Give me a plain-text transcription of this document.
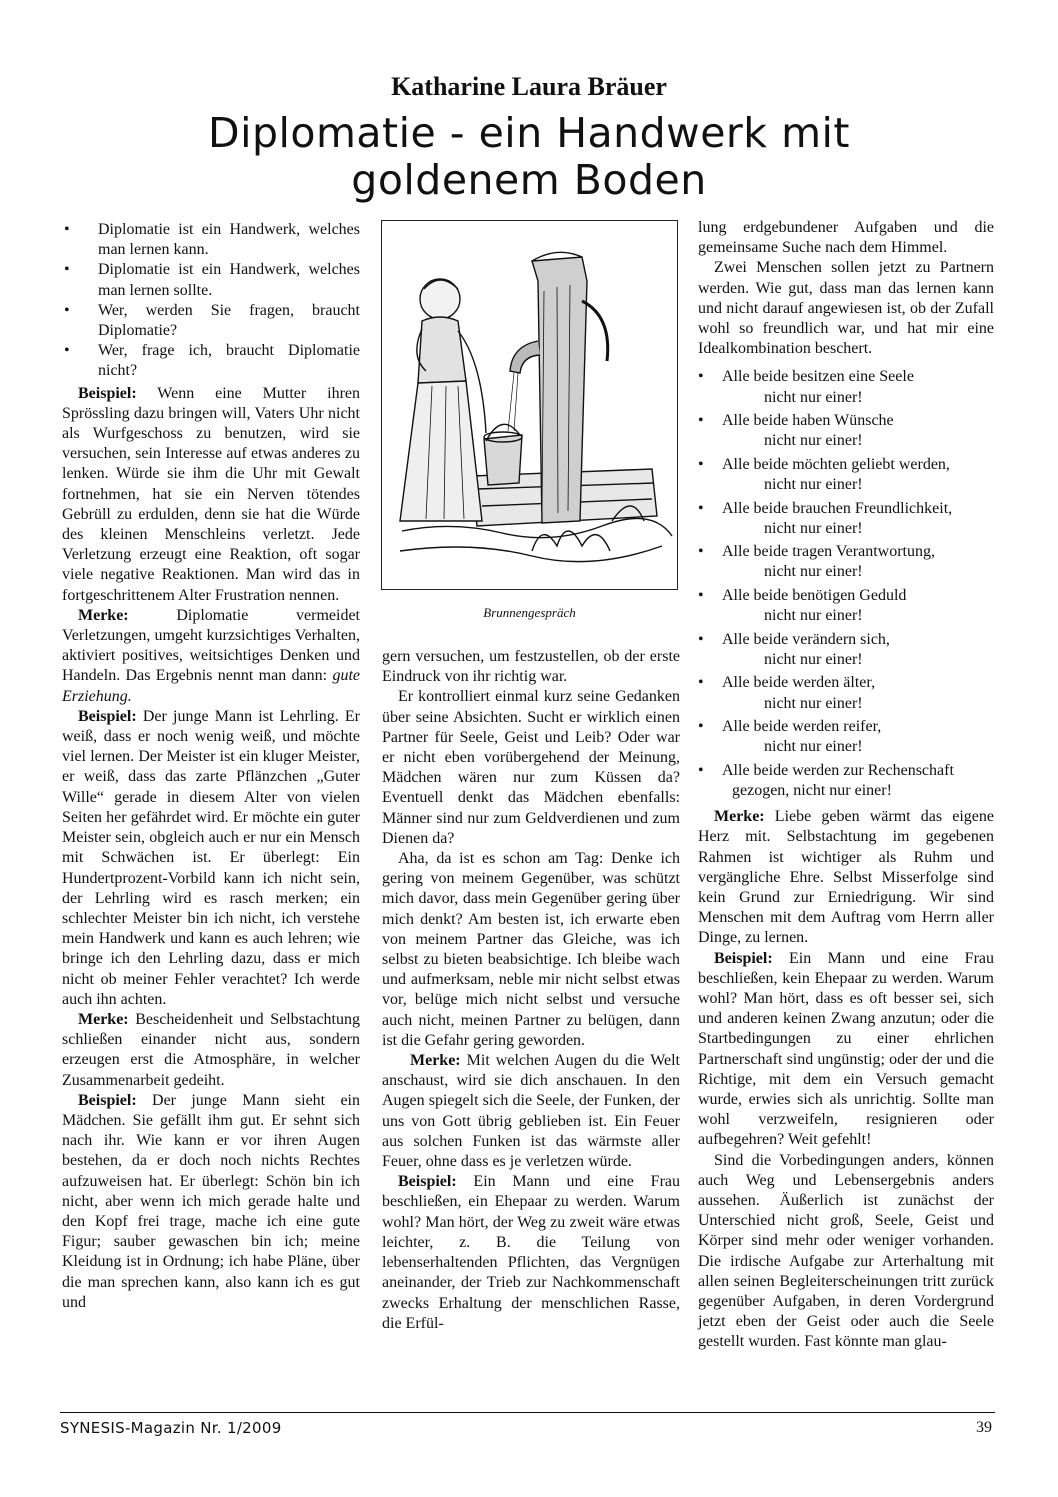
Katharine Laura Bräuer
Diplomatie - ein Handwerk mit
goldenem Boden
• Diplomatie ist ein Handwerk, welches man lernen kann.
• Diplomatie ist ein Handwerk, welches man lernen sollte.
• Wer, werden Sie fragen, braucht Diplomatie?
• Wer, frage ich, braucht Diplomatie nicht?

Beispiel: Wenn eine Mutter ihren Sprössling dazu bringen will, Vaters Uhr nicht als Wurfgeschoss zu benutzen, wird sie versuchen, sein Interesse auf etwas anderes zu lenken. Würde sie ihm die Uhr mit Gewalt fortnehmen, hat sie ein Nerven tötendes Gebrüll zu erdulden, denn sie hat die Würde des kleinen Menschleins verletzt. Jede Verletzung erzeugt eine Reaktion, oft sogar viele negative Reaktionen. Man wird das in fortgeschrittenem Alter Frustration nennen.

Merke: Diplomatie vermeidet Verletzungen, umgeht kurzsichtiges Verhalten, aktiviert positives, weitsichtiges Denken und Handeln. Das Ergebnis nennt man dann: gute Erziehung.

Beispiel: Der junge Mann ist Lehrling. Er weiß, dass er noch wenig weiß, und möchte viel lernen. Der Meister ist ein kluger Meister, er weiß, dass das zarte Pflänzchen „Guter Wille“ gerade in diesem Alter von vielen Seiten her gefährdet wird. Er möchte ein guter Meister sein, obgleich auch er nur ein Mensch mit Schwächen ist. Er überlegt: Ein Hundertprozent-Vorbild kann ich nicht sein, der Lehrling wird es rasch merken; ein schlechter Meister bin ich nicht, ich verstehe mein Handwerk und kann es auch lehren; wie bringe ich den Lehrling dazu, dass er mich nicht ob meiner Fehler verachtet? Ich werde auch ihn achten.

Merke: Bescheidenheit und Selbstachtung schließen einander nicht aus, sondern erzeugen erst die Atmosphäre, in welcher Zusammenarbeit gedeiht.

Beispiel: Der junge Mann sieht ein Mädchen. Sie gefällt ihm gut. Er sehnt sich nach ihr. Wie kann er vor ihren Augen bestehen, da er doch noch nichts Rechtes aufzuweisen hat. Er überlegt: Schön bin ich nicht, aber wenn ich mich gerade halte und den Kopf frei trage, mache ich eine gute Figur; sauber gewaschen bin ich; meine Kleidung ist in Ordnung; ich habe Pläne, über die man sprechen kann, also kann ich es gut und

Brunnengespräch

gern versuchen, um festzustellen, ob der erste Eindruck von ihr richtig war.

Er kontrolliert einmal kurz seine Gedanken über seine Absichten. Sucht er wirklich einen Partner für Seele, Geist und Leib? Oder war er nicht eben vorübergehend der Meinung, Mädchen wären nur zum Küssen da? Eventuell denkt das Mädchen ebenfalls: Männer sind nur zum Geldverdienen und zum Dienen da?

Aha, da ist es schon am Tag: Denke ich gering von meinem Gegenüber, was schützt mich davor, dass mein Gegenüber gering über mich denkt? Am besten ist, ich erwarte eben von meinem Partner das Gleiche, was ich selbst zu bieten beabsichtige. Ich bleibe wach und aufmerksam, neble mir nicht selbst etwas vor, belüge mich nicht selbst und versuche auch nicht, meinen Partner zu belügen, dann ist die Gefahr gering geworden.

Merke: Mit welchen Augen du die Welt anschaust, wird sie dich anschauen. In den Augen spiegelt sich die Seele, der Funken, der uns von Gott übrig geblieben ist. Ein Feuer aus solchen Funken ist das wärmste aller Feuer, ohne dass es je verletzen würde.

Beispiel: Ein Mann und eine Frau beschließen, ein Ehepaar zu werden. Warum wohl? Man hört, der Weg zu zweit wäre etwas leichter, z. B. die Teilung von lebenserhaltenden Pflichten, das Vergnügen aneinander, der Trieb zur Nachkommenschaft zwecks Erhaltung der menschlichen Rasse, die Erfül-

lung erdgebundener Aufgaben und die gemeinsame Suche nach dem Himmel.

Zwei Menschen sollen jetzt zu Partnern werden. Wie gut, dass man das lernen kann und nicht darauf angewiesen ist, ob der Zufall wohl so freundlich war, und hat mir eine Idealkombination beschert.

• Alle beide besitzen eine Seele
nicht nur einer!
• Alle beide haben Wünsche
nicht nur einer!
• Alle beide möchten geliebt werden,
nicht nur einer!
• Alle beide brauchen Freundlichkeit,
nicht nur einer!
• Alle beide tragen Verantwortung,
nicht nur einer!
• Alle beide benötigen Geduld
nicht nur einer!
• Alle beide verändern sich,
nicht nur einer!
• Alle beide werden älter,
nicht nur einer!
• Alle beide werden reifer,
nicht nur einer!
• Alle beide werden zur Rechenschaft
gezogen, nicht nur einer!

Merke: Liebe geben wärmt das eigene Herz mit. Selbstachtung im gegebenen Rahmen ist wichtiger als Ruhm und vergängliche Ehre. Selbst Misserfolge sind kein Grund zur Erniedrigung. Wir sind Menschen mit dem Auftrag vom Herrn aller Dinge, zu lernen.

Beispiel: Ein Mann und eine Frau beschließen, kein Ehepaar zu werden. Warum wohl? Man hört, dass es oft besser sei, sich und anderen keinen Zwang anzutun; oder die Startbedingungen zu einer ehrlichen Partnerschaft sind ungünstig; oder der und die Richtige, mit dem ein Versuch gemacht wurde, erwies sich als unrichtig. Sollte man wohl verzweifeln, resignieren oder aufbegehren? Weit gefehlt!

Sind die Vorbedingungen anders, können auch Weg und Lebensergebnis anders aussehen. Äußerlich ist zunächst der Unterschied nicht groß, Seele, Geist und Körper sind mehr oder weniger vorhanden. Die irdische Aufgabe zur Arterhaltung mit allen seinen Begleiterscheinungen tritt zurück gegenüber Aufgaben, in deren Vordergrund jetzt eben der Geist oder auch die Seele gestellt wurden. Fast könnte man glau-

SYNESIS-Magazin Nr. 1/2009	39
